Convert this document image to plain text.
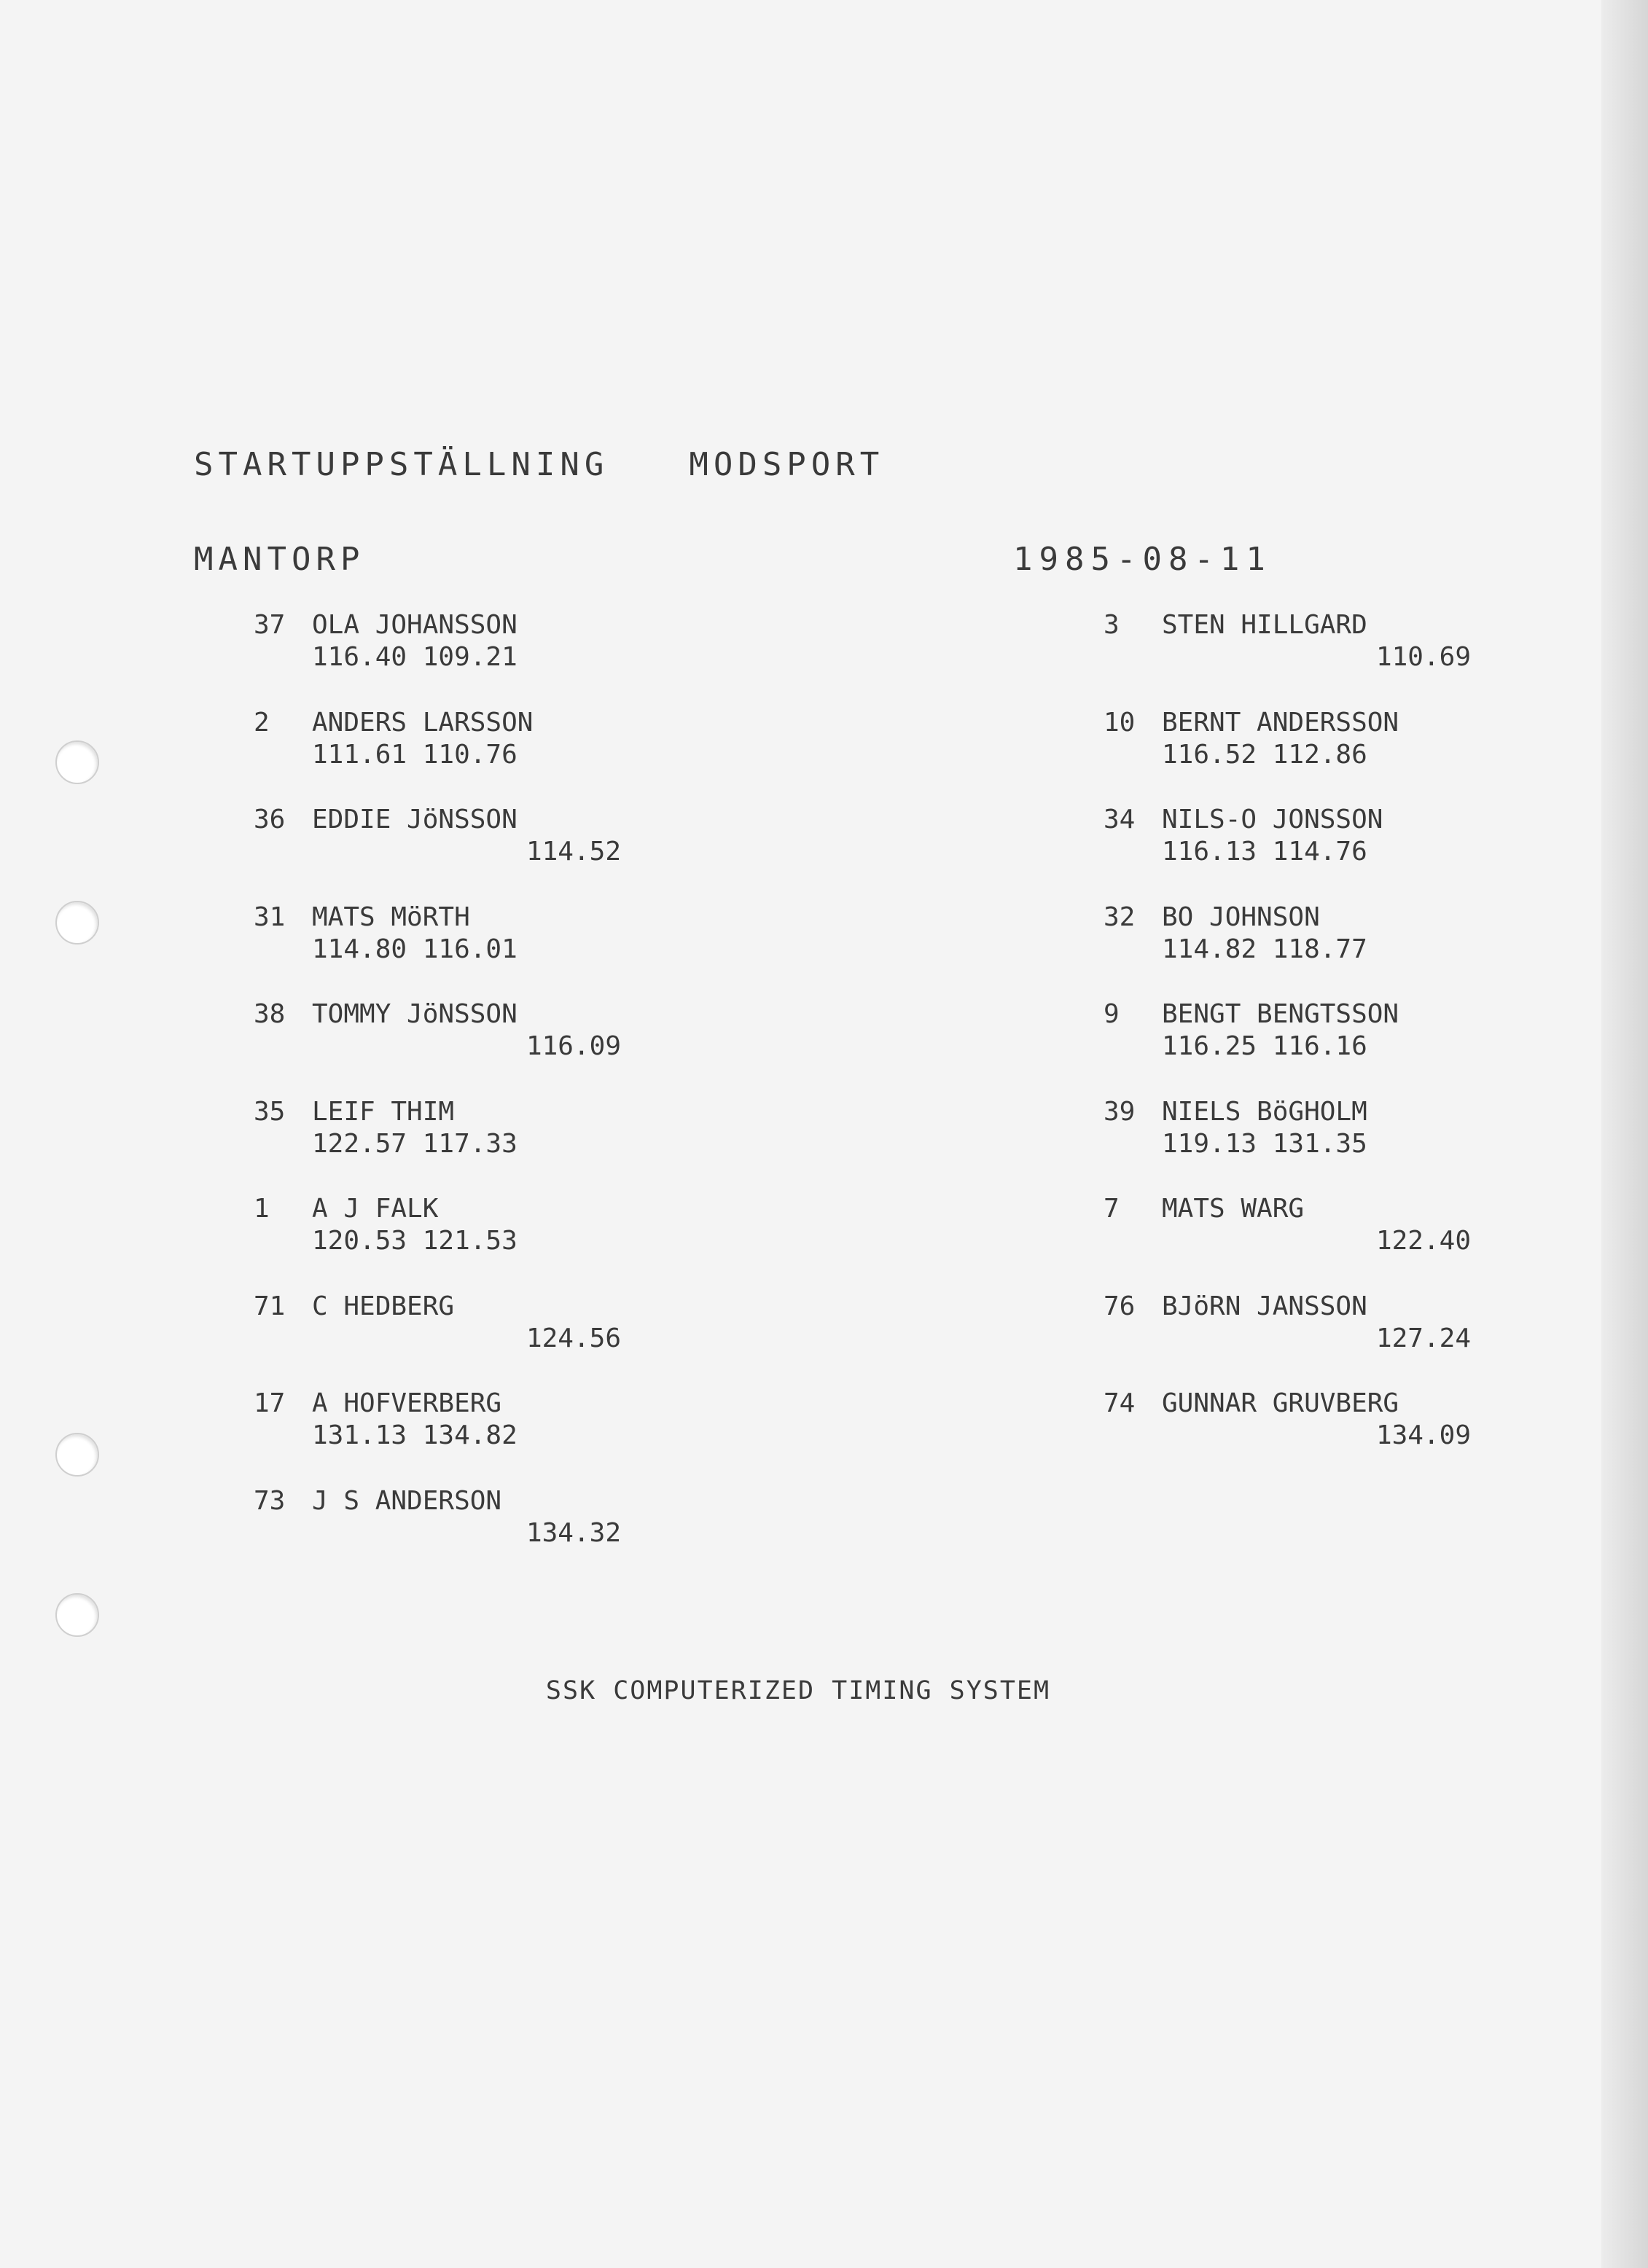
STARTUPPSTÄLLNING	MODSPORT
MANTORP	1985-08-11
37	OLA JOHANSSON
116.40 109.21
2	ANDERS LARSSON
111.61 110.76
36	EDDIE JöNSSON
114.52
31	MATS MöRTH
114.80 116.01
38	TOMMY JöNSSON
116.09
35	LEIF THIM
122.57 117.33
1	A J FALK
120.53 121.53
71	C HEDBERG
124.56
17	A HOFVERBERG
131.13 134.82
73	J S ANDERSON
134.32
3	STEN HILLGARD
110.69
10	BERNT ANDERSSON
116.52 112.86
34	NILS-O JONSSON
116.13 114.76
32	BO JOHNSON
114.82 118.77
9	BENGT BENGTSSON
116.25 116.16
39	NIELS BöGHOLM
119.13 131.35
7	MATS WARG
122.40
76	BJöRN JANSSON
127.24
74	GUNNAR GRUVBERG
134.09
SSK COMPUTERIZED TIMING SYSTEM
